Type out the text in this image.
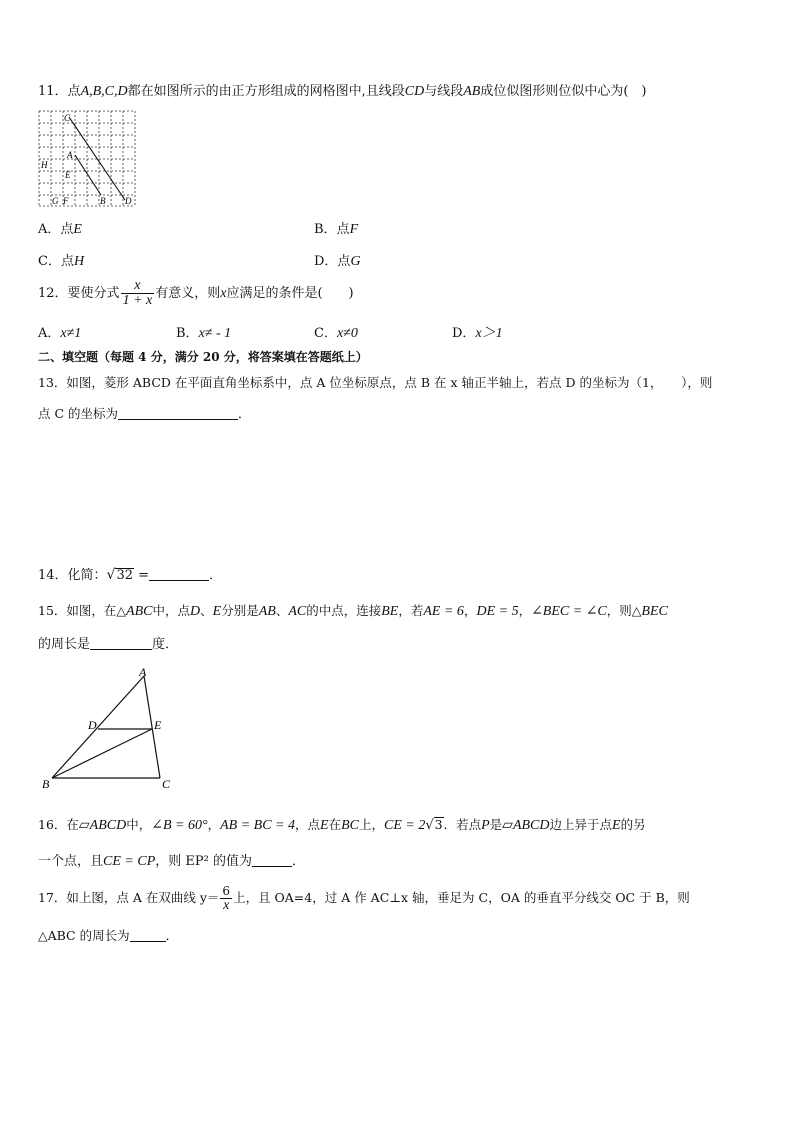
11．点A,B,C,D都在如图所示的由正方形组成的网格图中,且线段CD与线段AB成位似图形则位似中心为(　)
C
A
H
E
G F	B D
A．点E	B．点F
C．点H	D．点G
12．要使分式 $\frac{x}{1 + x}$ 有意义，则x应满足的条件是(　　)
A．x≠1	B．x≠ - 1	C．x≠0	D．x＞1
二、填空题（每题 4 分，满分 20 分，将答案填在答题纸上）
13．如图，菱形 ABCD 在平面直角坐标系中，点 A 位坐标原点，点 B 在 x 轴正半轴上，若点 D 的坐标为（1，　　），则
点 C 的坐标为	．
14．化简：√32 =	．
15．如图，在△ABC中，点D、E分别是AB、AC的中点，连接BE，若AE = 6，DE = 5，∠BEC = ∠C，则△BEC
的周长是	度．
A
D	E
B	C
16．在▱ABCD中，∠B = 60°，AB = BC = 4，点E在BC上，CE = 2√3．若点P是▱ABCD边上异于点E的另
一个点，且CE = CP，则 EP² 的值为	．
17．如上图，点 A 在双曲线 $y= \frac{6}{x}$ 上，且 OA=4，过 A 作 AC⊥x 轴，垂足为 C，OA 的垂直平分线交 OC 于 B，则
△ABC 的周长为	．
